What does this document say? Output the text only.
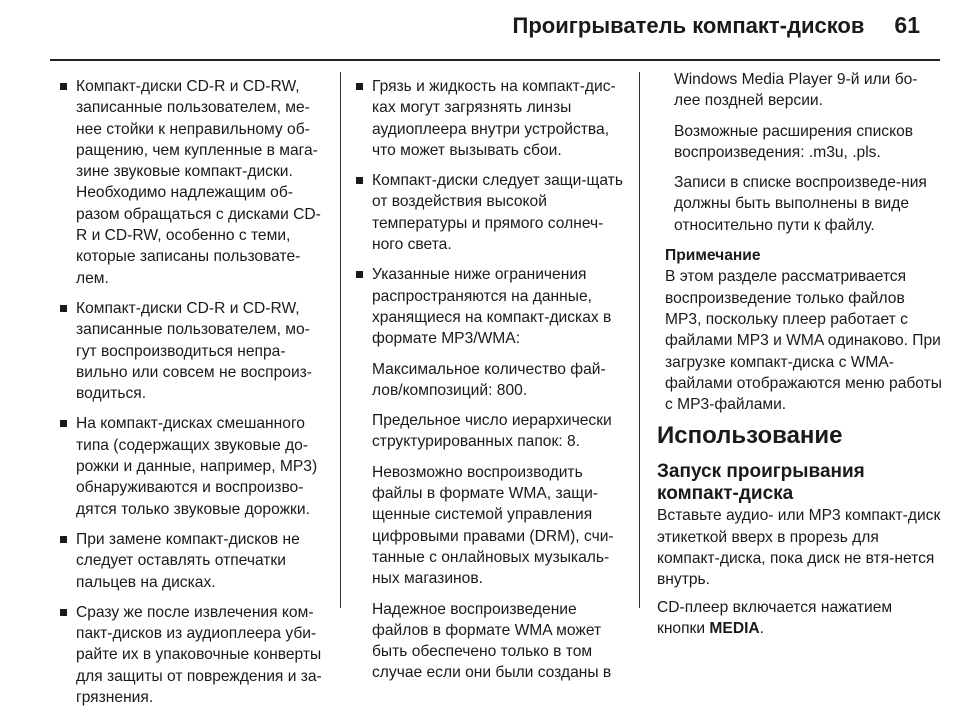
Проигрыватель компакт-дисков 61

Компакт-диски CD-R и CD-RW, записанные пользователем, ме-нее стойки к неправильному об-ращению, чем купленные в мага-зине звуковые компакт-диски. Необходимо надлежащим об-разом обращаться с дисками CD-R и CD-RW, особенно с теми, которые записаны пользовате-лем.

Компакт-диски CD-R и CD-RW, записанные пользователем, мо-гут воспроизводиться непра-вильно или совсем не воспроиз-водиться.

На компакт-дисках смешанного типа (содержащих звуковые до-рожки и данные, например, MP3) обнаруживаются и воспроизво-дятся только звуковые дорожки.

При замене компакт-дисков не следует оставлять отпечатки пальцев на дисках.

Сразу же после извлечения ком-пакт-дисков из аудиоплеера уби-райте их в упаковочные конверты для защиты от повреждения и за-грязнения.

Грязь и жидкость на компакт-дис-ках могут загрязнять линзы аудиоплеера внутри устройства, что может вызывать сбои.

Компакт-диски следует защи-щать от воздействия высокой температуры и прямого солнеч-ного света.

Указанные ниже ограничения распространяются на данные, хранящиеся на компакт-дисках в формате MP3/WMA:

Максимальное количество фай-лов/композиций: 800.

Предельное число иерархически структурированных папок: 8.

Невозможно воспроизводить файлы в формате WMA, защи-щенные системой управления цифровыми правами (DRM), счи-танные с онлайновых музыкаль-ных магазинов.

Надежное воспроизведение файлов в формате WMA может быть обеспечено только в том случае если они были созданы в

Windows Media Player 9-й или бо-лее поздней версии.

Возможные расширения списков воспроизведения: .m3u, .pls.

Записи в списке воспроизведе-ния должны быть выполнены в виде относительно пути к файлу.

Примечание

В этом разделе рассматривается воспроизведение только файлов MP3, поскольку плеер работает с файлами MP3 и WMA одинаково. При загрузке компакт-диска с WMA-файлами отображаются меню работы с MP3-файлами.

Использование
Запуск проигрывания компакт-диска

Вставьте аудио- или MP3 компакт-диск этикеткой вверх в прорезь для компакт-диска, пока диск не втя-нется внутрь.

CD-плеер включается нажатием кнопки MEDIA.
